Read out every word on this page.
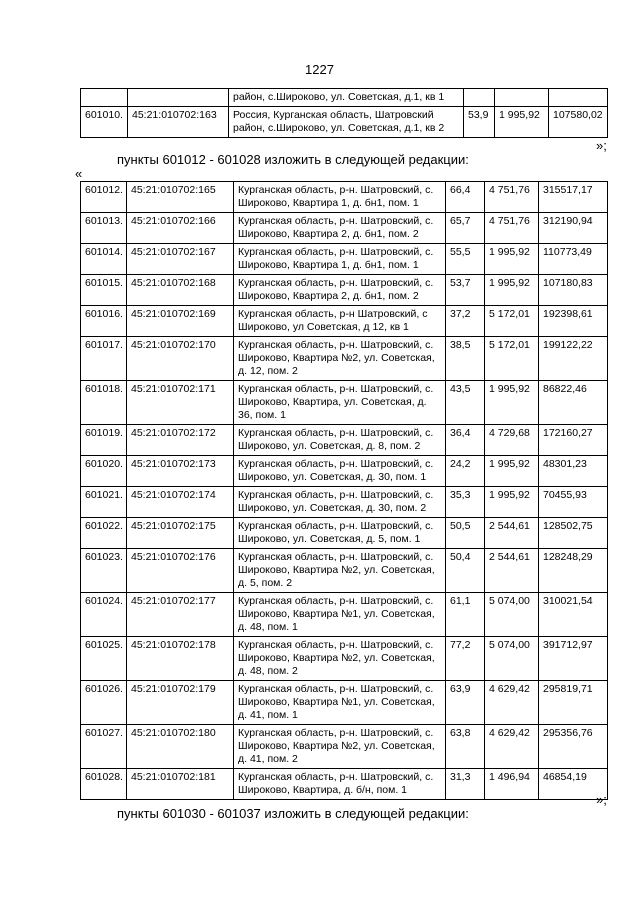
1227
		район, с.Широково, ул. Советская, д.1, кв 1			
601010.	45:21:010702:163	Россия, Курганская область, Шатровский район, с.Широково, ул. Советская, д.1, кв 2	53,9	1 995,92	107580,02
»;
пункты 601012 - 601028 изложить в следующей редакции:
«
601012.	45:21:010702:165	Курганская область, р-н. Шатровский, с. Широково, Квартира 1, д. бн1, пом. 1	66,4	4 751,76	315517,17
601013.	45:21:010702:166	Курганская область, р-н. Шатровский, с. Широково, Квартира 2, д. бн1, пом. 2	65,7	4 751,76	312190,94
601014.	45:21:010702:167	Курганская область, р-н. Шатровский, с. Широково, Квартира 1, д. бн1, пом. 1	55,5	1 995,92	110773,49
601015.	45:21:010702:168	Курганская область, р-н. Шатровский, с. Широково, Квартира 2, д. бн1, пом. 2	53,7	1 995,92	107180,83
601016.	45:21:010702:169	Курганская область, р-н Шатровский, с Широково, ул Советская, д 12, кв 1	37,2	5 172,01	192398,61
601017.	45:21:010702:170	Курганская область, р-н. Шатровский, с. Широково, Квартира №2, ул. Советская, д. 12, пом. 2	38,5	5 172,01	199122,22
601018.	45:21:010702:171	Курганская область, р-н. Шатровский, с. Широково, Квартира, ул. Советская, д. 36, пом. 1	43,5	1 995,92	86822,46
601019.	45:21:010702:172	Курганская область, р-н. Шатровский, с. Широково, ул. Советская, д. 8, пом. 2	36,4	4 729,68	172160,27
601020.	45:21:010702:173	Курганская область, р-н. Шатровский, с. Широково, ул. Советская, д. 30, пом. 1	24,2	1 995,92	48301,23
601021.	45:21:010702:174	Курганская область, р-н. Шатровский, с. Широково, ул. Советская, д. 30, пом. 2	35,3	1 995,92	70455,93
601022.	45:21:010702:175	Курганская область, р-н. Шатровский, с. Широково, ул. Советская, д. 5, пом. 1	50,5	2 544,61	128502,75
601023.	45:21:010702:176	Курганская область, р-н. Шатровский, с. Широково, Квартира №2, ул. Советская, д. 5, пом. 2	50,4	2 544,61	128248,29
601024.	45:21:010702:177	Курганская область, р-н. Шатровский, с. Широково, Квартира №1, ул. Советская, д. 48, пом. 1	61,1	5 074,00	310021,54
601025.	45:21:010702:178	Курганская область, р-н. Шатровский, с. Широково, Квартира №2, ул. Советская, д. 48, пом. 2	77,2	5 074,00	391712,97
601026.	45:21:010702:179	Курганская область, р-н. Шатровский, с. Широково, Квартира №1, ул. Советская, д. 41, пом. 1	63,9	4 629,42	295819,71
601027.	45:21:010702:180	Курганская область, р-н. Шатровский, с. Широково, Квартира №2, ул. Советская, д. 41, пом. 2	63,8	4 629,42	295356,76
601028.	45:21:010702:181	Курганская область, р-н. Шатровский, с. Широково, Квартира, д. б/н, пом. 1	31,3	1 496,94	46854,19
»;
пункты 601030 - 601037 изложить в следующей редакции:
